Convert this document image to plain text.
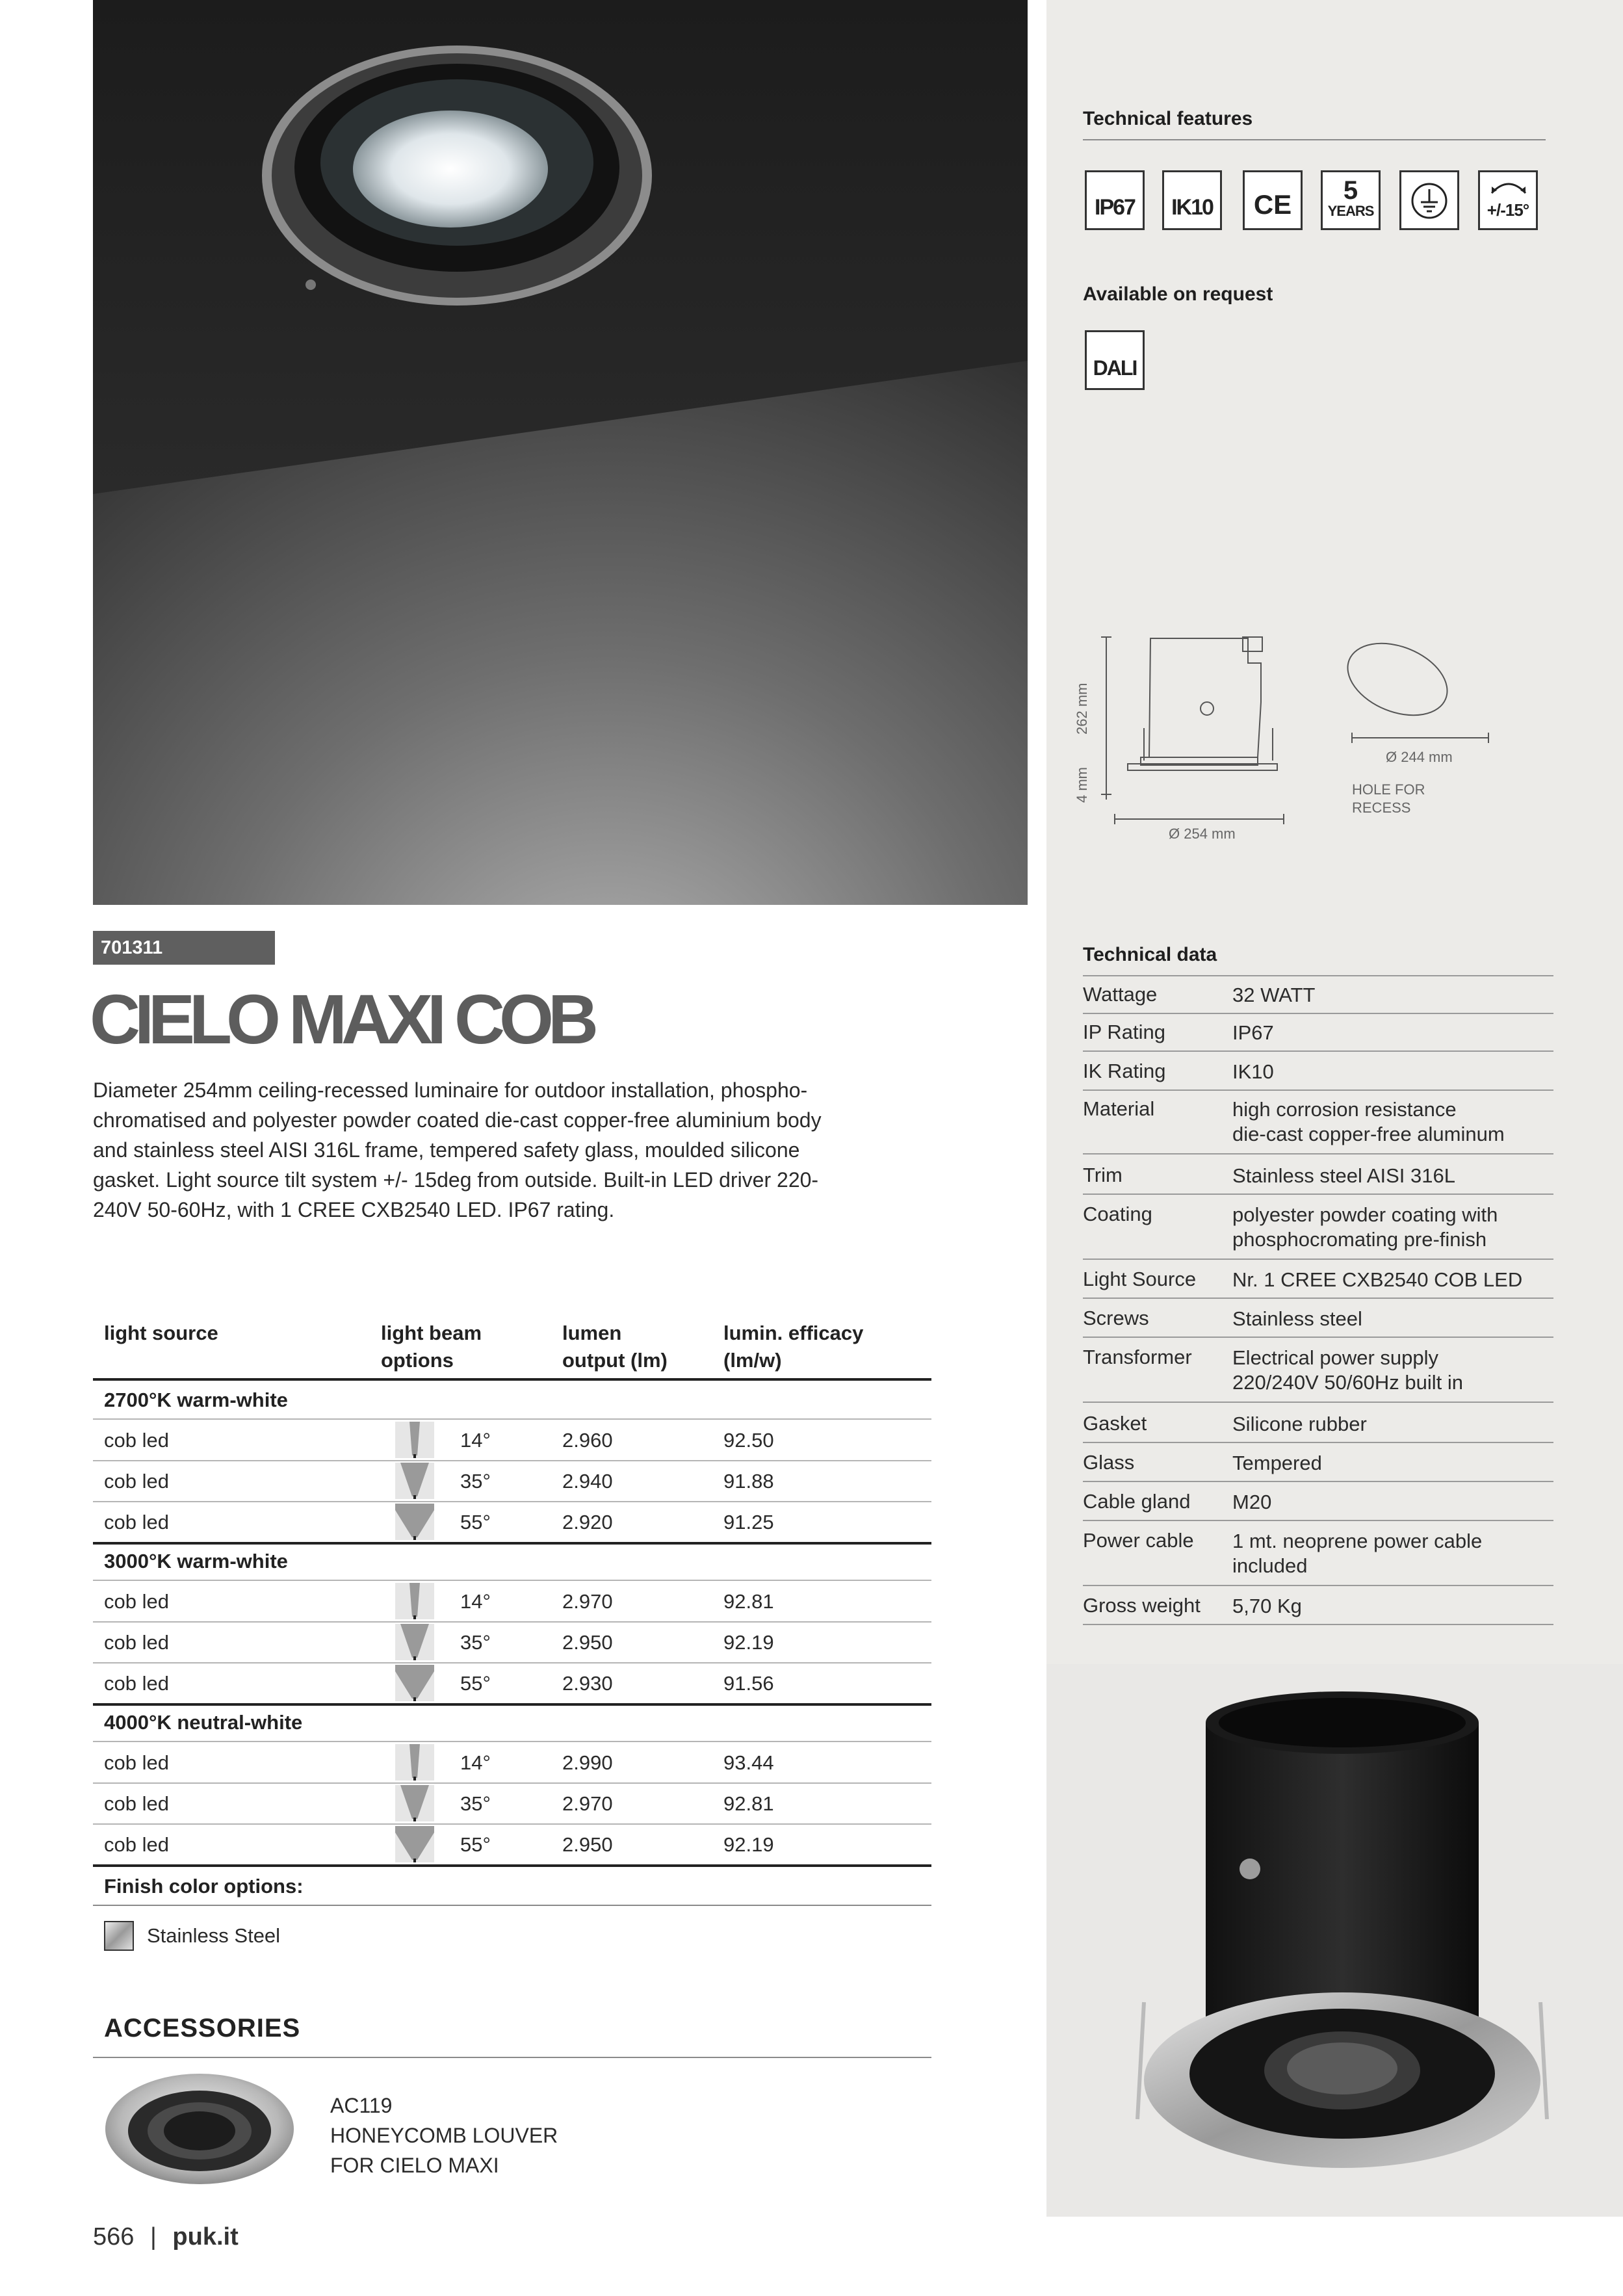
Technical features
IP67 IK10 CE 5
YEARS	+/-15°
Available on request
DALI
262 mm
4 mm
Ø 254 mm
Ø 244 mm
HOLE FOR
RECESS
Technical data
Wattage	32 WATT
IP Rating	IP67
IK Rating	IK10
Material	high corrosion resistance
die-cast copper-free aluminum
Trim	Stainless steel AISI 316L
Coating	polyester powder coating with
phosphocromating pre-finish
Light Source Nr. 1 CREE CXB2540 COB LED
Screws	Stainless steel
Transformer Electrical power supply
220/240V 50/60Hz built in
Gasket	Silicone rubber
Glass	Tempered
Cable gland M20
Power cable 1 mt. neoprene power cable
included
Gross weight 5,70 Kg
701311
CIELO MAXI COB
Diameter 254mm ceiling-recessed luminaire for outdoor installation, phospho-
chromatised and polyester powder coated die-cast copper-free aluminium body
and stainless steel AISI 316L frame, tempered safety glass, moulded silicone
gasket. Light source tilt system +/- 15deg from outside. Built-in LED driver 220-
240V 50-60Hz, with 1 CREE CXB2540 LED. IP67 rating.
light source	light beam
options
lumen
output (lm)
lumin. efficacy
(lm/w)
2700°K warm-white
cob led	14°	2.960	92.50
cob led	35°	2.940	91.88
cob led	55°	2.920	91.25
3000°K warm-white
cob led	14°	2.970	92.81
cob led	35°	2.950	92.19
cob led	55°	2.930	91.56
4000°K neutral-white
cob led	14°	2.990	93.44
cob led	35°	2.970	92.81
cob led	55°	2.950	92.19
Finish color options:
Stainless Steel
ACCESSORIES
AC119
HONEYCOMB LOUVER
FOR CIELO MAXI
566 | puk.it
